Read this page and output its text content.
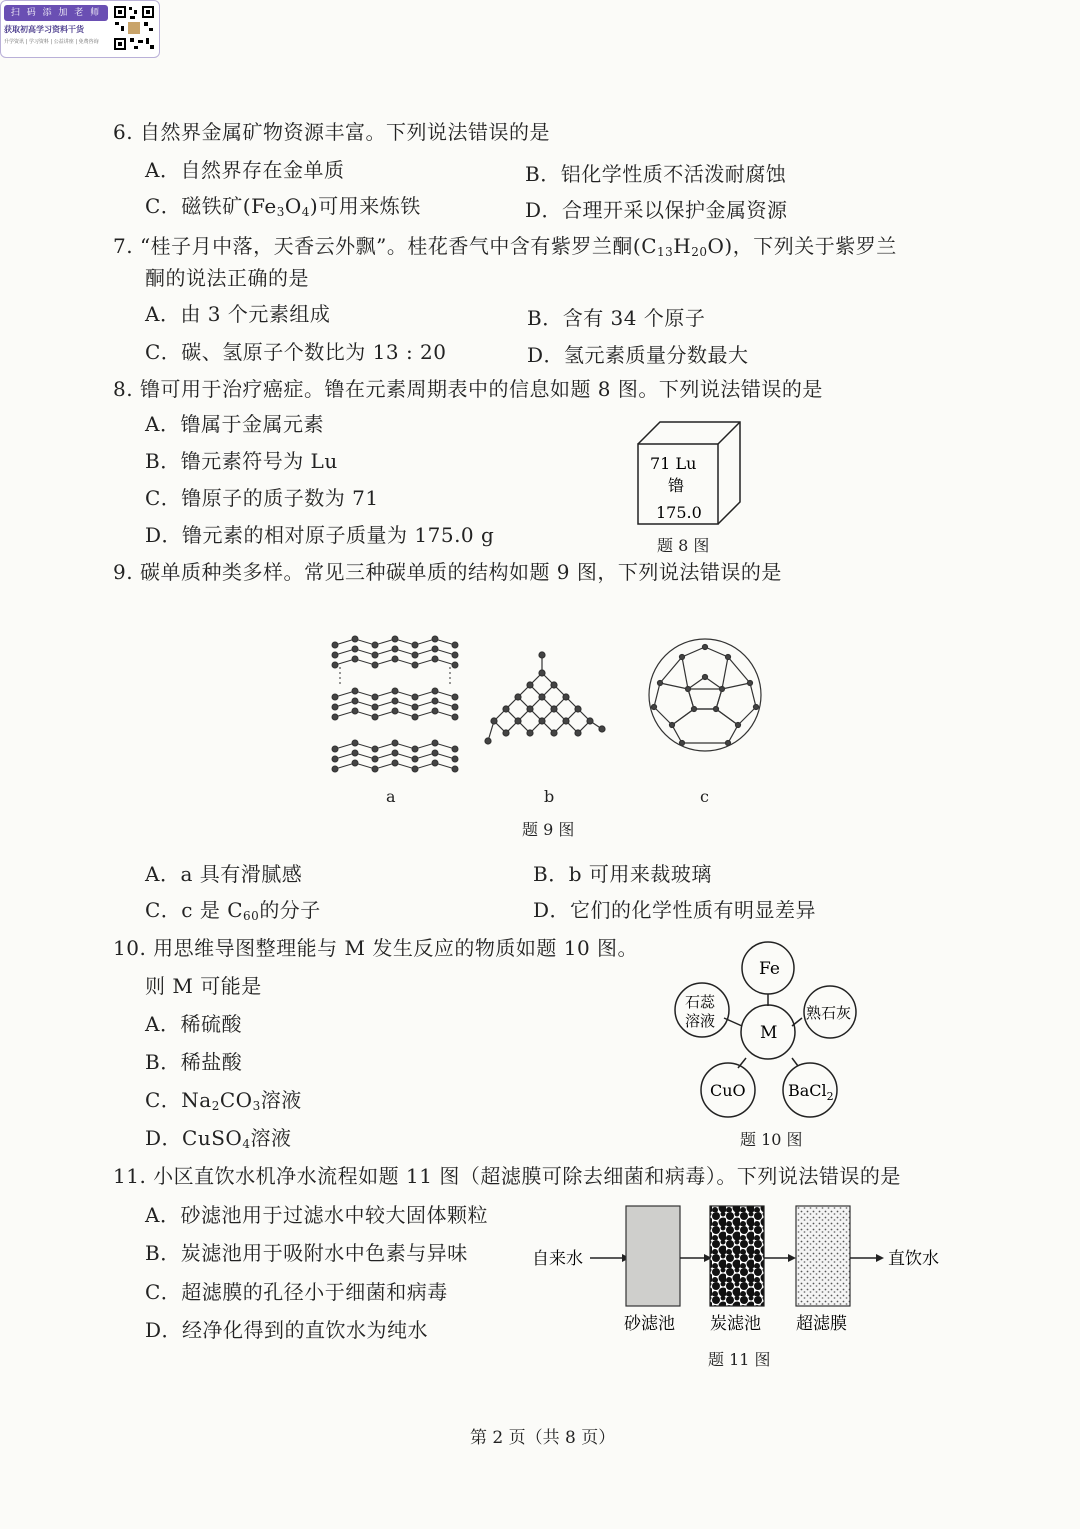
扫 码 添 加 老 师
获取初高学习资料干货
升学资讯 | 学习资料 | 公益讲座 | 免费咨询
6. 自然界金属矿物资源丰富。下列说法错误的是
A．自然界存在金单质	B．铝化学性质不活泼耐腐蚀
C．磁铁矿$(Fe_3O_4)$可用来炼铁	D．合理开采以保护金属资源
7. “桂子月中落，天香云外飘”。桂花香气中含有紫罗兰酮$(C_{13}H_{20}O)$，下列关于紫罗兰
酮的说法正确的是
A．由 3 个元素组成	B．含有 34 个原子
C．碳、氢原子个数比为 13 : 20	D．氢元素质量分数最大
8. 镥可用于治疗癌症。镥在元素周期表中的信息如题 8 图。下列说法错误的是
A．镥属于金属元素
B．镥元素符号为 Lu
C．镥原子的质子数为 71
D．镥元素的相对原子质量为 175.0 g
71 Lu
镥
175.0
题 8 图
9. 碳单质种类多样。常见三种碳单质的结构如题 9 图，下列说法错误的是
a	b	c
题 9 图
A．a 具有滑腻感	B．b 可用来裁玻璃
C．c 是 $C_{60}$的分子	D．它们的化学性质有明显差异
10. 用思维导图整理能与 M 发生反应的物质如题 10 图。
则 M 可能是
A．稀硫酸
B．稀盐酸
C．$Na_2CO_3$溶液
D．CuSO$_4$溶液
Fe
M
石蕊
溶液	熟石灰
CuO	BaCl$_2$
题 10 图
11. 小区直饮水机净水流程如题 11 图（超滤膜可除去细菌和病毒）。下列说法错误的是
A．砂滤池用于过滤水中较大固体颗粒
B．炭滤池用于吸附水中色素与异味
C．超滤膜的孔径小于细菌和病毒
D．经净化得到的直饮水为纯水
自来水	直饮水
砂滤池 炭滤池 超滤膜
题 11 图
第 2 页（共 8 页）
